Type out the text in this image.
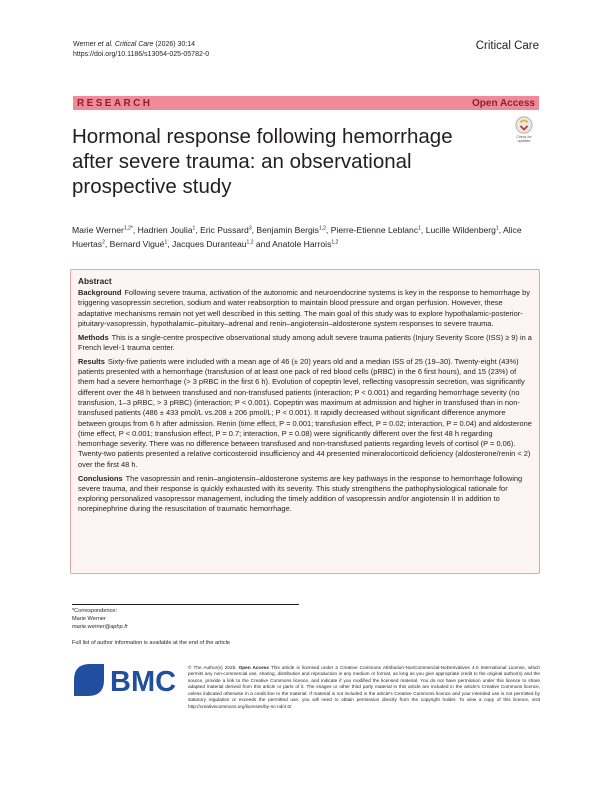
Werner et al. Critical Care (2026) 30:14
https://doi.org/10.1186/s13054-025-05782-0
Critical Care
RESEARCH	Open Access
Hormonal response following hemorrhage after severe trauma: an observational prospective study
Check for
updates
Marie Werner$^{1,2*}$, Hadrien Joulia$^1$, Eric Pussard$^3$, Benjamin Bergis$^{1,2}$, Pierre-Etienne Leblanc$^1$, Lucille Wildenberg$^1$, Alice Huertas$^2$, Bernard Vigué$^1$, Jacques Duranteau$^{1,2}$ and Anatole Harrois$^{1,2}$
Abstract

Background Following severe trauma, activation of the autonomic and neuroendocrine systems is key in the response to hemorrhage by triggering vasopressin secretion, sodium and water reabsorption to maintain blood pressure and organ perfusion. However, these adaptative mechanisms remain not yet well described in this setting. The main goal of this study was to explore hypothalamic-posterior-pituitary-vasopressin, hypothalamic–pituitary–adrenal and renin–angiotensin–aldosterone system responses to severe trauma.

Methods This is a single-centre prospective observational study among adult severe trauma patients (Injury Severity Score (ISS) ≥ 9) in a French level-1 trauma center.

Results Sixty-five patients were included with a mean age of 46 (± 20) years old and a median ISS of 25 (19–30). Twenty-eight (43%) patients presented with a hemorrhage (transfusion of at least one pack of red blood cells (pRBC) in the 6 first hours), and 15 (23%) of them had a severe hemorrhage (> 3 pRBC in the first 6 h). Evolution of copeptin level, reflecting vasopressin secretion, was significantly different over the 48 h between transfused and non-transfused patients (interaction; P < 0.001) and regarding hemorrhage severity (no transfusion, 1–3 pRBC, > 3 pRBC) (interaction; P < 0.001). Copeptin was maximum at admission and higher in transfused than in non-transfused patients (486 ± 433 pmol/L vs.208 ± 206 pmol/L; P < 0.001). It rapidly decreased without significant difference anymore between groups from 6 h after admission. Renin (time effect, P = 0.001; transfusion effect, P = 0.02; interaction, P = 0.04) and aldosterone (time effect, P < 0.001; transfusion effect, P = 0.7; interaction, P = 0.08) were significantly different over the first 48 h regarding hemorrhage severity. There was no difference between transfused and non-transfused patients regarding levels of cortisol (P = 0.06). Twenty-two patients presented a relative corticosteroid insufficiency and 44 presented mineralocorticoid deficiency (aldosterone/renin < 2) over the first 48 h.

Conclusions The vasopressin and renin–angiotensin–aldosterone systems are key pathways in the response to hemorrhage following severe trauma, and their response is quickly exhausted with its severity. This study strengthens the pathophysiological rationale for exploring personalized vasopressor management, including the timely addition of vasopressin and/or angiotensin II in addition to norepinephrine during the resuscitation of traumatic hemorrhage.

*Correspondence:
Marie Werner
marie.werner@aphp.fr
Full list of author information is available at the end of the article
BMC	© The Author(s) 2025. Open Access This article is licensed under a Creative Commons Attribution-NonCommercial-NoDerivatives 4.0 International License, which permits any non-commercial use, sharing, distribution and reproduction in any medium or format, as long as you give appropriate credit to the original author(s) and the source, provide a link to the Creative Commons licence, and indicate if you modified the licensed material. You do not have permission under this licence to share adapted material derived from this article or parts of it. The images or other third party material in this article are included in the article's Creative Commons licence, unless indicated otherwise in a credit line to the material. If material is not included in the article's Creative Commons licence and your intended use is not permitted by statutory regulation or exceeds the permitted use, you will need to obtain permission directly from the copyright holder. To view a copy of this licence, visit http://creativecommons.org/licenses/by-nc-nd/4.0/.
